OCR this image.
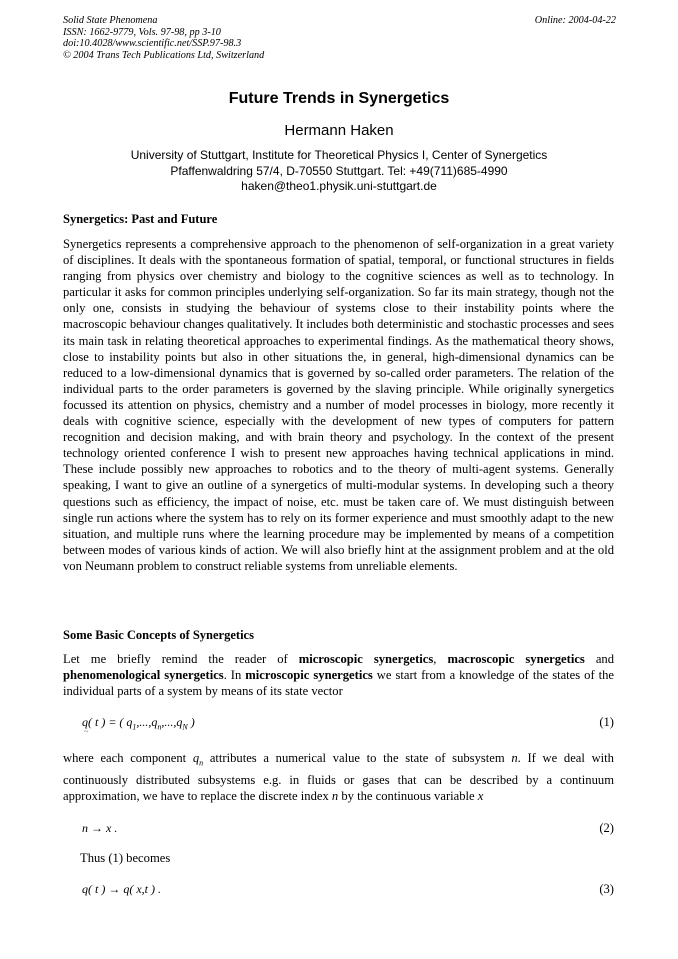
Solid State Phenomena
ISSN: 1662-9779, Vols. 97-98, pp 3-10
doi:10.4028/www.scientific.net/SSP.97-98.3
© 2004 Trans Tech Publications Ltd, Switzerland

Online: 2004-04-22
Future Trends in Synergetics
Hermann Haken
University of Stuttgart, Institute for Theoretical Physics I, Center of Synergetics
Pfaffenwaldring 57/4, D-70550 Stuttgart. Tel: +49(711)685-4990
haken@theo1.physik.uni-stuttgart.de
Synergetics: Past and Future
Synergetics represents a comprehensive approach to the phenomenon of self-organization in a great variety of disciplines. It deals with the spontaneous formation of spatial, temporal, or functional structures in fields ranging from physics over chemistry and biology to the cognitive sciences as well as to technology. In particular it asks for common principles underlying self-organization. So far its main strategy, though not the only one, consists in studying the behaviour of systems close to their instability points where the macroscopic behaviour changes qualitatively. It includes both deterministic and stochastic processes and sees its main task in relating theoretical approaches to experimental findings. As the mathematical theory shows, close to instability points but also in other situations the, in general, high-dimensional dynamics can be reduced to a low-dimensional dynamics that is governed by so-called order parameters. The relation of the individual parts to the order parameters is governed by the slaving principle. While originally synergetics focussed its attention on physics, chemistry and a number of model processes in biology, more recently it deals with cognitive science, especially with the development of new types of computers for pattern recognition and decision making, and with brain theory and psychology. In the context of the present technology oriented conference I wish to present new approaches having technical applications in mind. These include possibly new approaches to robotics and to the theory of multi-agent systems. Generally speaking, I want to give an outline of a synergetics of multi-modular systems. In developing such a theory questions such as efficiency, the impact of noise, etc. must be taken care of. We must distinguish between single run actions where the system has to rely on its former experience and must smoothly adapt to the new situation, and multiple runs where the learning procedure may be implemented by means of a competition between modes of various kinds of action. We will also briefly hint at the assignment problem and at the old von Neumann problem to construct reliable systems from unreliable elements.
Some Basic Concepts of Synergetics
Let me briefly remind the reader of microscopic synergetics, macroscopic synergetics and phenomenological synergetics. In microscopic synergetics we start from a knowledge of the states of the individual parts of a system by means of its state vector
q( t ) = ( $q_1,...,q_n,...,q_N$ )
~
(1)
where each component $q_n$ attributes a numerical value to the state of subsystem n. If we deal with continuously distributed subsystems e.g. in fluids or gases that can be described by a continuum approximation, we have to replace the discrete index n by the continuous variable x
n → x .	(2)
Thus (1) becomes
q( t ) → q( x,t ) .	(3)
